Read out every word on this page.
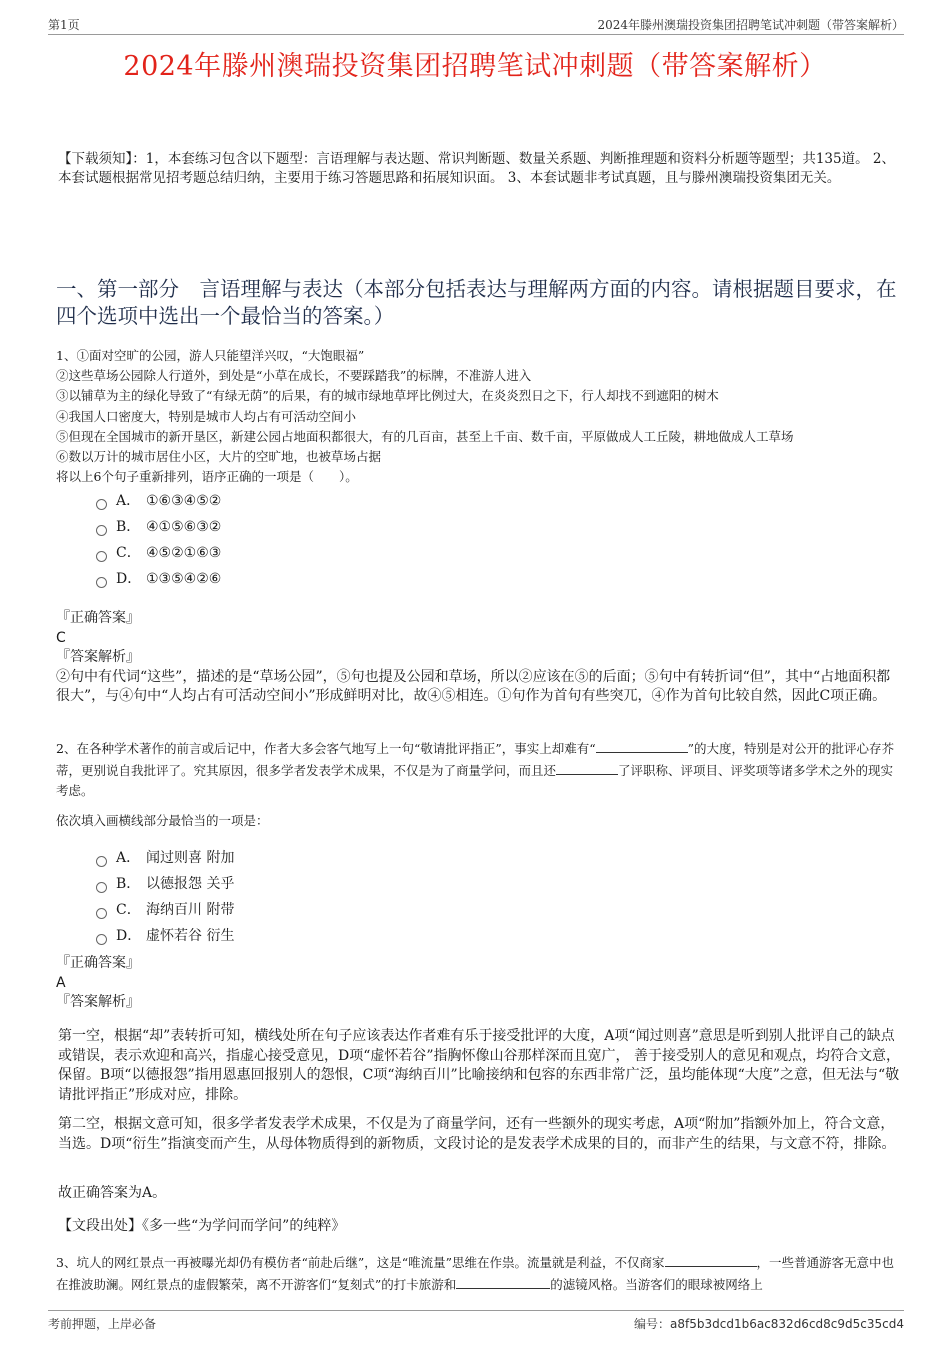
第1页	2024年滕州澳瑞投资集团招聘笔试冲刺题（带答案解析）
2024年滕州澳瑞投资集团招聘笔试冲刺题（带答案解析）
【下载须知】：1，本套练习包含以下题型：言语理解与表达题、常识判断题、数量关系题、判断推理题和资料分析题等题型；共135道。 2、本套试题根据常见招考题总结归纳，主要用于练习答题思路和拓展知识面。 3、本套试题非考试真题，且与滕州澳瑞投资集团无关。
一、第一部分　言语理解与表达（本部分包括表达与理解两方面的内容。请根据题目要求，在四个选项中选出一个最恰当的答案。）
1、①面对空旷的公园，游人只能望洋兴叹，“大饱眼福”
②这些草场公园除人行道外，到处是“小草在成长，不要踩踏我”的标牌，不准游人进入
③以铺草为主的绿化导致了“有绿无荫”的后果，有的城市绿地草坪比例过大，在炎炎烈日之下，行人却找不到遮阳的树木
④我国人口密度大，特别是城市人均占有可活动空间小
⑤但现在全国城市的新开垦区，新建公园占地面积都很大，有的几百亩，甚至上千亩、数千亩，平原做成人工丘陵，耕地做成人工草场
⑥数以万计的城市居住小区，大片的空旷地，也被草场占据
将以上6个句子重新排列，语序正确的一项是（　　）。
A． ①⑥③④⑤②
B． ④①⑤⑥③②
C． ④⑤②①⑥③
D． ①③⑤④②⑥
『正确答案』
C
『答案解析』
②句中有代词“这些”，描述的是“草场公园”，⑤句也提及公园和草场，所以②应该在⑤的后面；⑤句中有转折词“但”，其中“占地面积都很大”，与④句中“人均占有可活动空间小”形成鲜明对比，故④⑤相连。①句作为首句有些突兀，④作为首句比较自然，因此C项正确。
2、在各种学术著作的前言或后记中，作者大多会客气地写上一句“敬请批评指正”，事实上却难有“	”的大度，特别是对公开的批评心存芥蒂，更别说自我批评了。究其原因，很多学者发表学术成果，不仅是为了商量学问，而且还	了评职称、评项目、评奖项等诸多学术之外的现实考虑。
依次填入画横线部分最恰当的一项是：
A． 闻过则喜 附加
B． 以德报怨 关乎
C． 海纳百川 附带
D． 虚怀若谷 衍生
『正确答案』
A
『答案解析』
第一空，根据“却”表转折可知，横线处所在句子应该表达作者难有乐于接受批评的大度，A项“闻过则喜”意思是听到别人批评自己的缺点或错误，表示欢迎和高兴，指虚心接受意见，D项“虚怀若谷”指胸怀像山谷那样深而且宽广， 善于接受别人的意见和观点，均符合文意，保留。B项“以德报怨”指用恩惠回报别人的怨恨，C项“海纳百川”比喻接纳和包容的东西非常广泛，虽均能体现“大度”之意，但无法与“敬请批评指正”形成对应，排除。
第二空，根据文意可知，很多学者发表学术成果，不仅是为了商量学问，还有一些额外的现实考虑，A项“附加”指额外加上，符合文意，当选。D项“衍生”指演变而产生，从母体物质得到的新物质，文段讨论的是发表学术成果的目的，而非产生的结果，与文意不符，排除。
故正确答案为A。
【文段出处】《多一些“为学问而学问”的纯粹》
3、坑人的网红景点一再被曝光却仍有模仿者“前赴后继”，这是“唯流量”思维在作祟。流量就是利益，不仅商家	，一些普通游客无意中也在推波助澜。网红景点的虚假繁荣，离不开游客们“复刻式”的打卡旅游和	的滤镜风格。当游客们的眼球被网络上
考前押题，上岸必备	编号：a8f5b3dcd1b6ac832d6cd8c9d5c35cd4
